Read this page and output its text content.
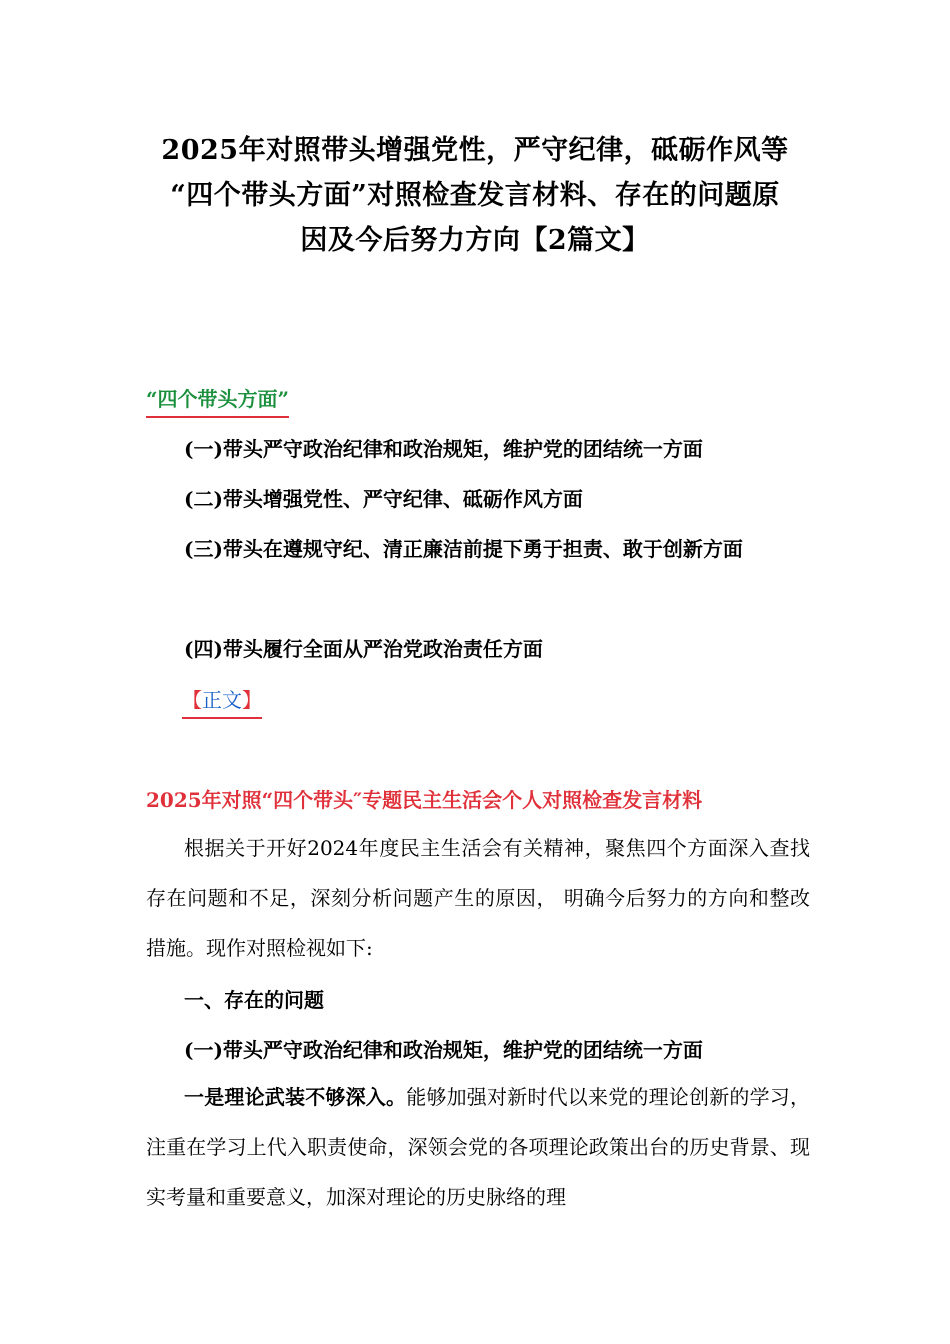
2025年对照带头增强党性，严守纪律，砥砺作风等
“四个带头方面”对照检查发言材料、存在的问题原
因及今后努力方向【2篇文】
“四个带头方面”
(一)带头严守政治纪律和政治规矩，维护党的团结统一方面
(二)带头增强党性、严守纪律、砥砺作风方面
(三)带头在遵规守纪、清正廉洁前提下勇于担责、敢于创新方面
(四)带头履行全面从严治党政治责任方面
【正文】
2025年对照“四个带头″专题民主生活会个人对照检查发言材料
根据关于开好2024年度民主生活会有关精神，聚焦四个方面深入查找存在问题和不足，深刻分析问题产生的原因， 明确今后努力的方向和整改措施。现作对照检视如下:
一、存在的问题
(一)带头严守政治纪律和政治规矩，维护党的团结统一方面
一是理论武装不够深入。能够加强对新时代以来党的理论创新的学习，注重在学习上代入职责使命，深领会党的各项理论政策出台的历史背景、现实考量和重要意义，加深对理论的历史脉络的理
